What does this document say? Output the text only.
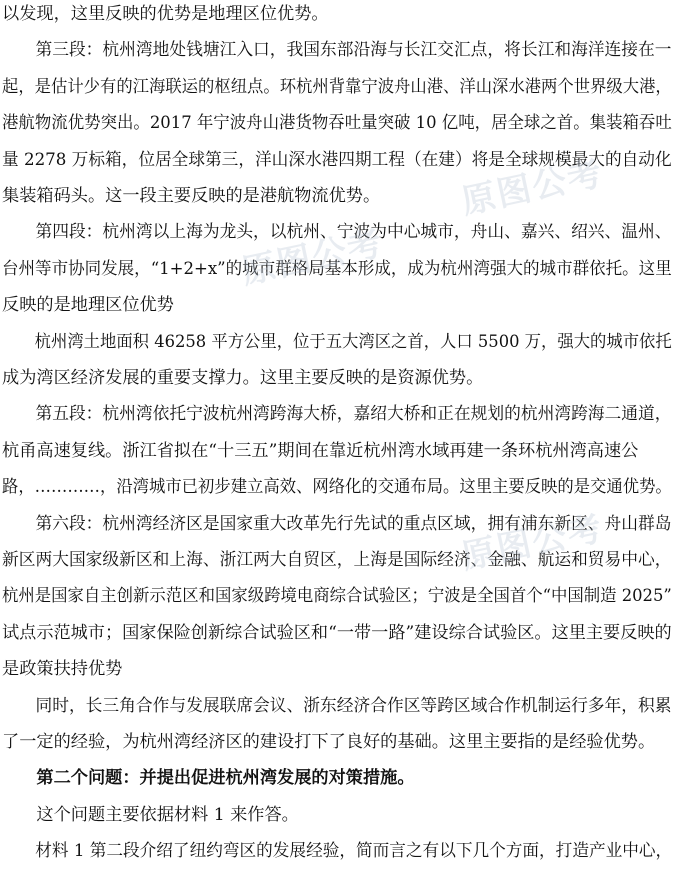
以发现，这里反映的优势是地理区位优势。
　　第三段：杭州湾地处钱塘江入口，我国东部沿海与长江交汇点，将长江和海洋连接在一
起，是估计少有的江海联运的枢纽点。环杭州背靠宁波舟山港、洋山深水港两个世界级大港，
港航物流优势突出。2017 年宁波舟山港货物吞吐量突破 10 亿吨，居全球之首。集装箱吞吐
量 2278 万标箱，位居全球第三，洋山深水港四期工程（在建）将是全球规模最大的自动化
集装箱码头。这一段主要反映的是港航物流优势。
　　第四段：杭州湾以上海为龙头，以杭州、宁波为中心城市，舟山、嘉兴、绍兴、温州、
台州等市协同发展，“1+2+x”的城市群格局基本形成，成为杭州湾强大的城市群依托。这里
反映的是地理区位优势
　　杭州湾土地面积 46258 平方公里，位于五大湾区之首，人口 5500 万，强大的城市依托
成为湾区经济发展的重要支撑力。这里主要反映的是资源优势。
　　第五段：杭州湾依托宁波杭州湾跨海大桥，嘉绍大桥和正在规划的杭州湾跨海二通道，
杭甬高速复线。浙江省拟在“十三五”期间在靠近杭州湾水域再建一条环杭州湾高速公
路，…………，沿湾城市已初步建立高效、网络化的交通布局。这里主要反映的是交通优势。
　　第六段：杭州湾经济区是国家重大改革先行先试的重点区域，拥有浦东新区、舟山群岛
新区两大国家级新区和上海、浙江两大自贸区，上海是国际经济、金融、航运和贸易中心，
杭州是国家自主创新示范区和国家级跨境电商综合试验区；宁波是全国首个“中国制造 2025”
试点示范城市；国家保险创新综合试验区和“一带一路”建设综合试验区。这里主要反映的
是政策扶持优势
　　同时，长三角合作与发展联席会议、浙东经济合作区等跨区域合作机制运行多年，积累
了一定的经验，为杭州湾经济区的建设打下了良好的基础。这里主要指的是经验优势。
　　第二个问题：并提出促进杭州湾发展的对策措施。
　　这个问题主要依据材料 1 来作答。
　　材料 1 第二段介绍了纽约弯区的发展经验，简而言之有以下几个方面，打造产业中心，
原图公考
原图公考
原图公考
